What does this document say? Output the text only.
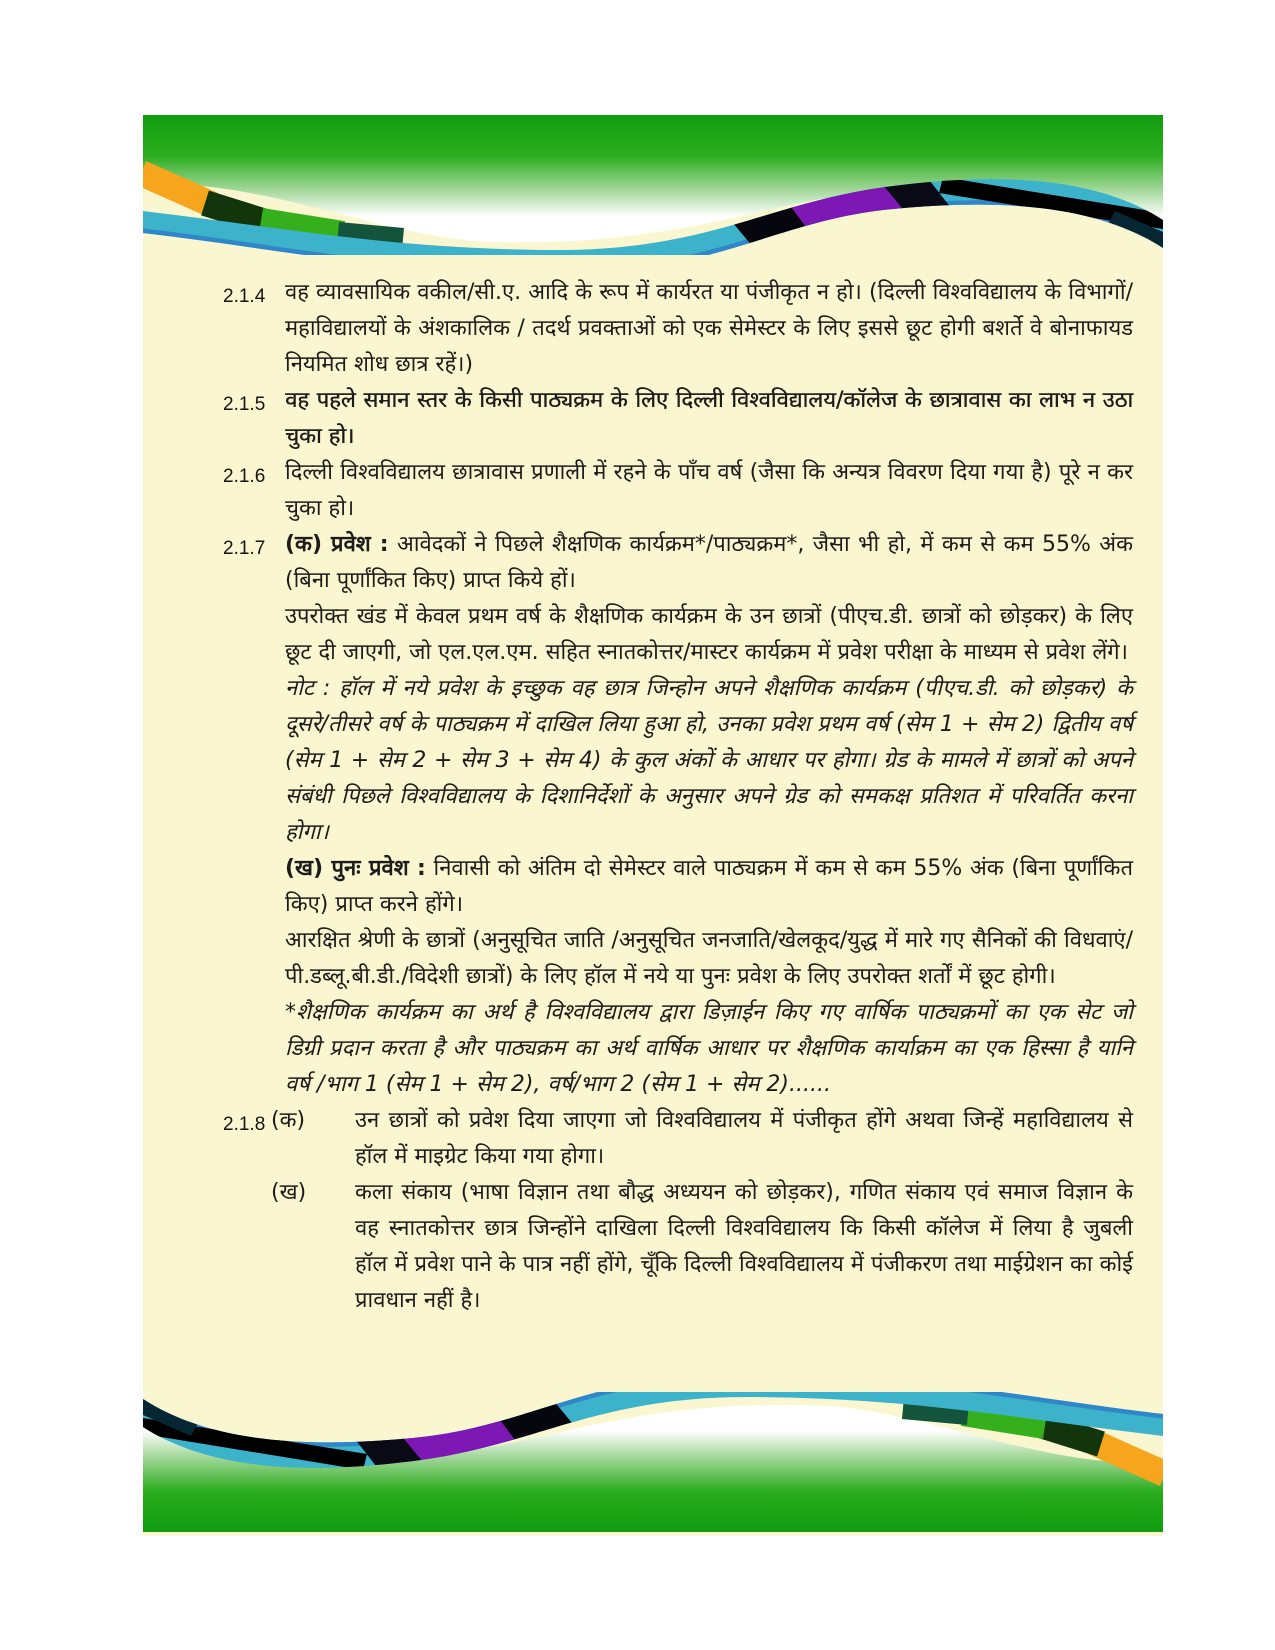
2.1.4 वह व्यावसायिक वकील/सी.ए. आदि के रूप में कार्यरत या पंजीकृत न हो। (दिल्ली विश्वविद्यालय के विभागों/ महाविद्यालयों के अंशकालिक / तदर्थ प्रवक्ताओं को एक सेमेस्टर के लिए इससे छूट होगी बशर्ते वे बोनाफायड नियमित शोध छात्र रहें।)
2.1.5 वह पहले समान स्तर के किसी पाठ्यक्रम के लिए दिल्ली विश्वविद्यालय/कॉलेज के छात्रावास का लाभ न उठा चुका हो।
2.1.6 दिल्ली विश्वविद्यालय छात्रावास प्रणाली में रहने के पाँच वर्ष (जैसा कि अन्यत्र विवरण दिया गया है) पूरे न कर चुका हो।
2.1.7 (क) प्रवेश : आवेदकों ने पिछले शैक्षणिक कार्यक्रम*/पाठ्यक्रम*, जैसा भी हो, में कम से कम 55% अंक (बिना पूर्णांकित किए) प्राप्त किये हों।
उपरोक्त खंड में केवल प्रथम वर्ष के शैक्षणिक कार्यक्रम के उन छात्रों (पीएच.डी. छात्रों को छोड़कर) के लिए छूट दी जाएगी, जो एल.एल.एम. सहित स्नातकोत्तर/मास्टर कार्यक्रम में प्रवेश परीक्षा के माध्यम से प्रवेश लेंगे।
नोट : हॉल में नये प्रवेश के इच्छुक वह छात्र जिन्होन अपने शैक्षणिक कार्यक्रम (पीएच.डी. को छोड़कर) के दूसरे/तीसरे वर्ष के पाठ्यक्रम में दाखिल लिया हुआ हो, उनका प्रवेश प्रथम वर्ष (सेम 1 + सेम 2) द्वितीय वर्ष (सेम 1 + सेम 2 + सेम 3 + सेम 4) के कुल अंकों के आधार पर होगा। ग्रेड के मामले में छात्रों को अपने संबंधी पिछले विश्वविद्यालय के दिशानिर्देशों के अनुसार अपने ग्रेड को समकक्ष प्रतिशत में परिवर्तित करना होगा।
(ख) पुनः प्रवेश : निवासी को अंतिम दो सेमेस्टर वाले पाठ्यक्रम में कम से कम 55% अंक (बिना पूर्णांकित किए) प्राप्त करने होंगे।
आरक्षित श्रेणी के छात्रों (अनुसूचित जाति /अनुसूचित जनजाति/खेलकूद/युद्ध में मारे गए सैनिकों की विधवाएं/पी.डब्लू.बी.डी./विदेशी छात्रों) के लिए हॉल में नये या पुनः प्रवेश के लिए उपरोक्त शर्तों में छूट होगी।
*शैक्षणिक कार्यक्रम का अर्थ है विश्वविद्यालय द्वारा डिज़ाईन किए गए वार्षिक पाठ्यक्रमों का एक सेट जो डिग्री प्रदान करता है और पाठ्यक्रम का अर्थ वार्षिक आधार पर शैक्षणिक कार्याक्रम का एक हिस्सा है यानि वर्ष /भाग 1 (सेम 1 + सेम 2), वर्ष/भाग 2 (सेम 1 + सेम 2)......
2.1.8 (क)	उन छात्रों को प्रवेश दिया जाएगा जो विश्वविद्यालय में पंजीकृत होंगे अथवा जिन्हें महाविद्यालय से हॉल में माइग्रेट किया गया होगा।
(ख)	कला संकाय (भाषा विज्ञान तथा बौद्ध अध्ययन को छोड़कर), गणित संकाय एवं समाज विज्ञान के वह स्नातकोत्तर छात्र जिन्होंने दाखिला दिल्ली विश्वविद्यालय कि किसी कॉलेज में लिया है जुबली हॉल में प्रवेश पाने के पात्र नहीं होंगे, चूँकि दिल्ली विश्वविद्यालय में पंजीकरण तथा माईग्रेशन का कोई प्रावधान नहीं है।
